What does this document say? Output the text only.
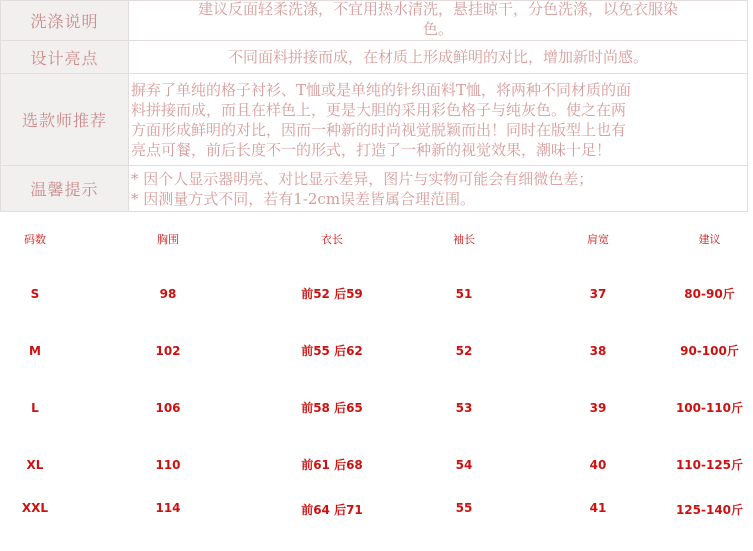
洗涤说明	建议反面轻柔洗涤，不宜用热水清洗，悬挂晾干，分色洗涤，以免衣服染
色。

设计亮点	不同面料拼接而成，在材质上形成鲜明的对比，增加新时尚感。

选款师推荐	摒弃了单纯的格子衬衫、T恤或是单纯的针织面料T恤，将两种不同材质的面
料拼接而成，而且在样色上，更是大胆的采用彩色格子与纯灰色。使之在两
方面形成鲜明的对比，因而一种新的时尚视觉脱颖而出！同时在版型上也有
亮点可餐，前后长度不一的形式，打造了一种新的视觉效果，潮味十足！

温馨提示	* 因个人显示器明亮、对比显示差异，图片与实物可能会有细微色差；
* 因测量方式不同，若有1-2cm误差皆属合理范围。
码数	胸围	衣长	袖长	肩宽	建议
S	98	前52 后59	51	37	80-90斤
M	102	前55 后62	52	38	90-100斤
L	106	前58 后65	53	39	100-110斤
XL	110	前61 后68	54	40	110-125斤
XXL	114	前64 后71	55	41	125-140斤
